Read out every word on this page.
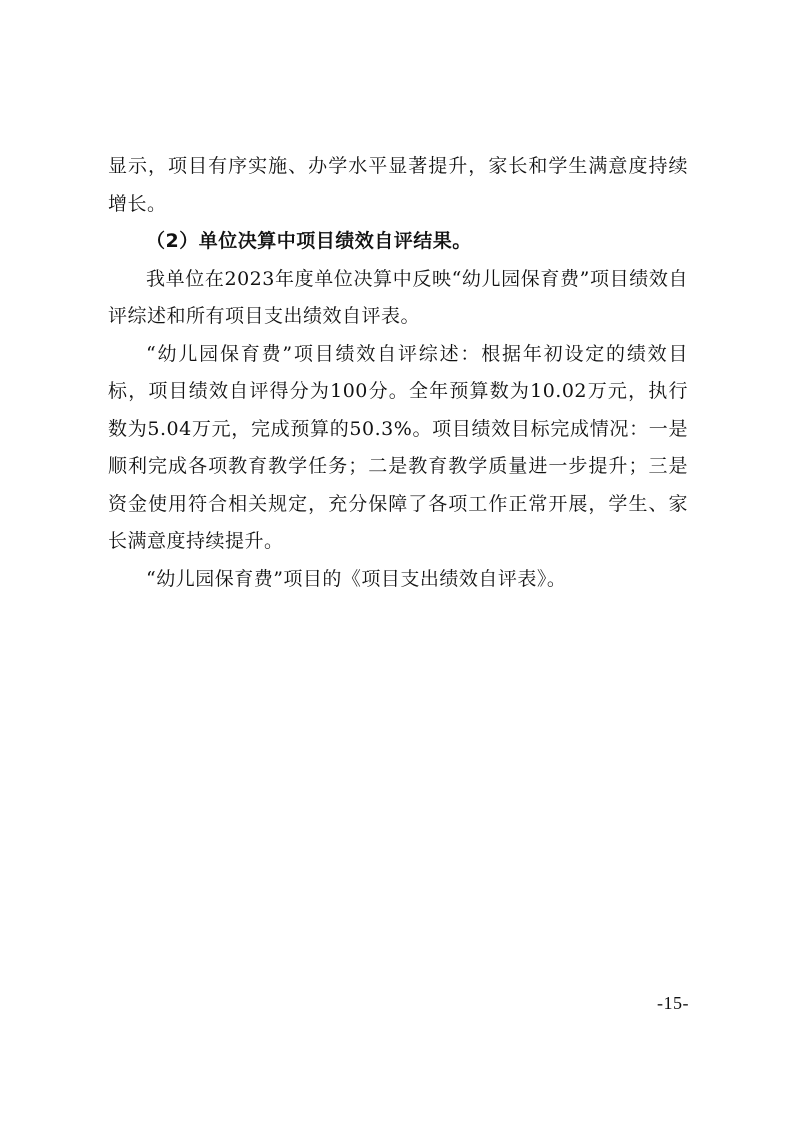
显示，项目有序实施、办学水平显著提升，家长和学生满意度持续增长。

（2）单位决算中项目绩效自评结果。

我单位在2023年度单位决算中反映“幼儿园保育费”项目绩效自评综述和所有项目支出绩效自评表。

“幼儿园保育费”项目绩效自评综述：根据年初设定的绩效目标，项目绩效自评得分为100分。全年预算数为10.02万元，执行数为5.04万元，完成预算的50.3%。项目绩效目标完成情况：一是顺利完成各项教育教学任务；二是教育教学质量进一步提升；三是资金使用符合相关规定，充分保障了各项工作正常开展，学生、家长满意度持续提升。

“幼儿园保育费”项目的《项目支出绩效自评表》。

-15-
